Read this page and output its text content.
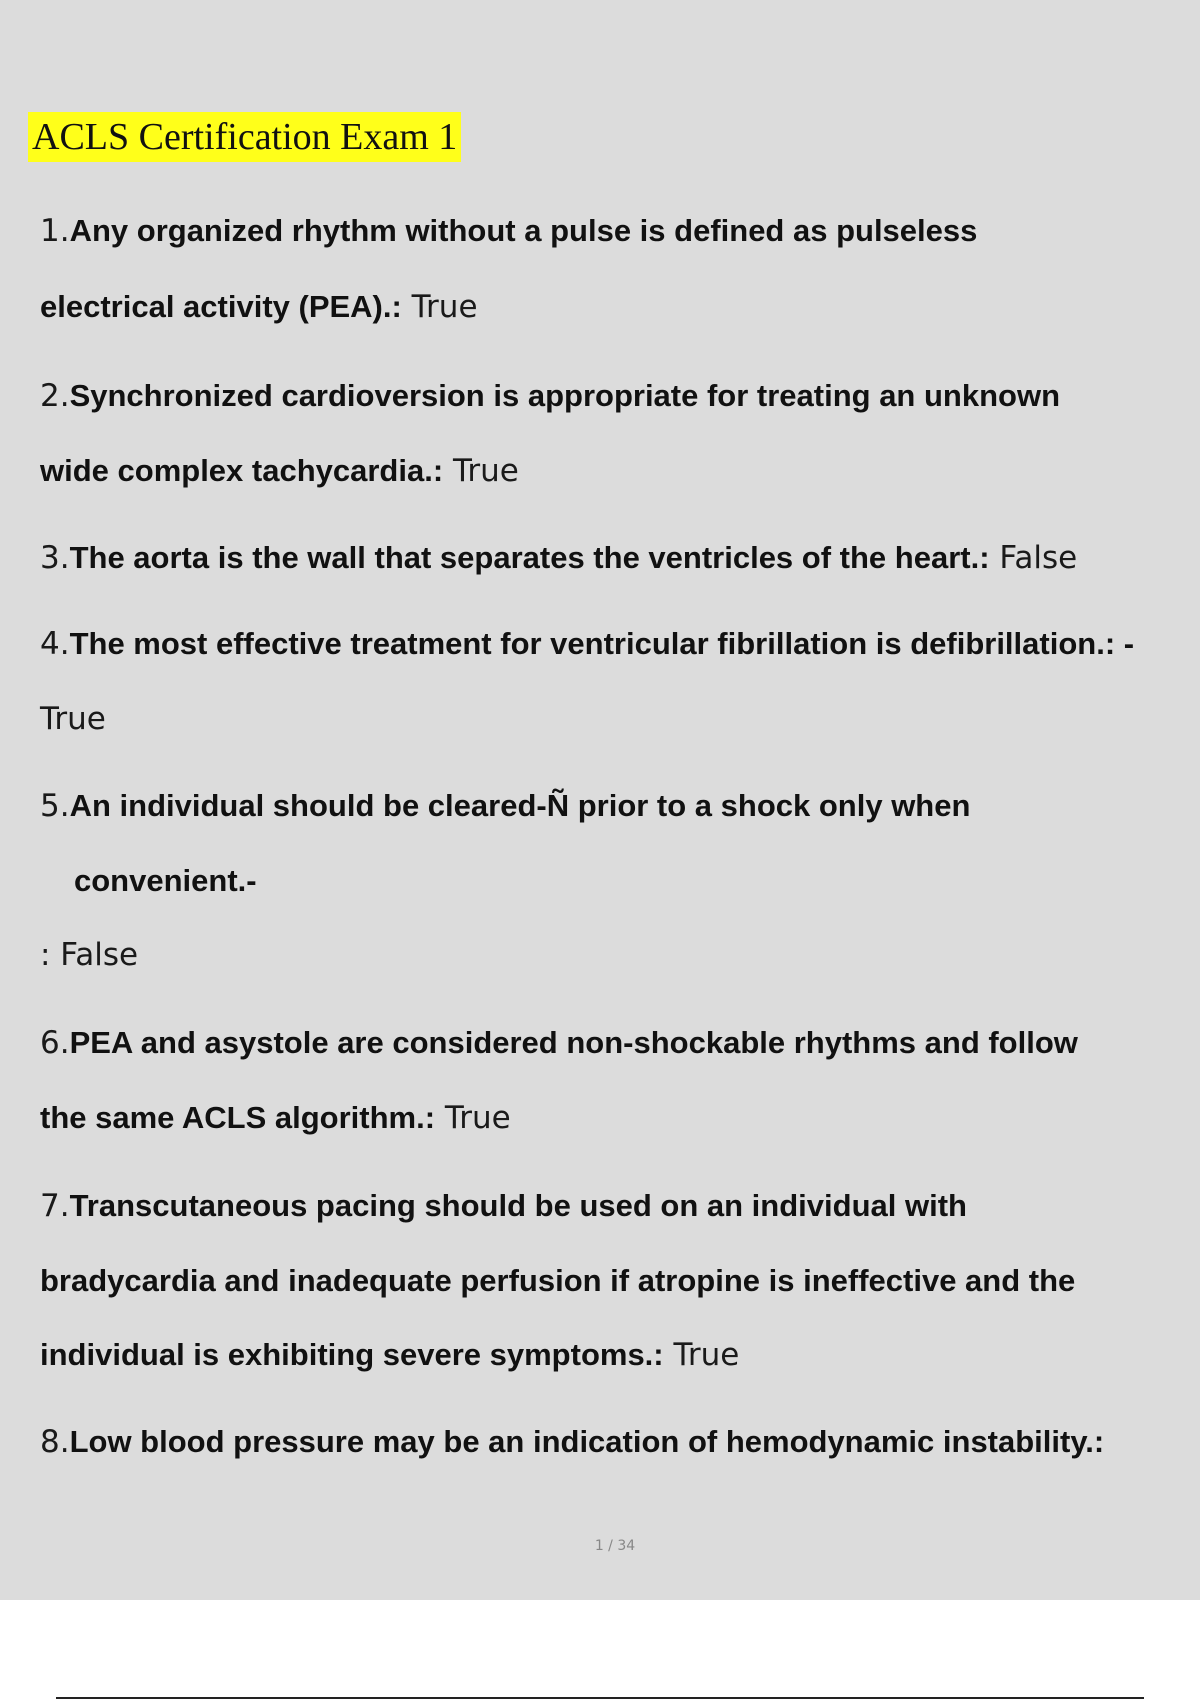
ACLS Certification Exam 1
1.Any organized rhythm without a pulse is defined as pulseless
electrical activity (PEA).: True
2.Synchronized cardioversion is appropriate for treating an unknown
wide complex tachycardia.: True
3.The aorta is the wall that separates the ventricles of the heart.: False
4.The most effective treatment for ventricular fibrillation is defibrillation.: -
True
5.An individual should be cleared-Ñ prior to a shock only when
convenient.-
: False
6.PEA and asystole are considered non-shockable rhythms and follow
the same ACLS algorithm.: True
7.Transcutaneous pacing should be used on an individual with
bradycardia and inadequate perfusion if atropine is ineffective and the
individual is exhibiting severe symptoms.: True
8.Low blood pressure may be an indication of hemodynamic instability.:
1 / 34
